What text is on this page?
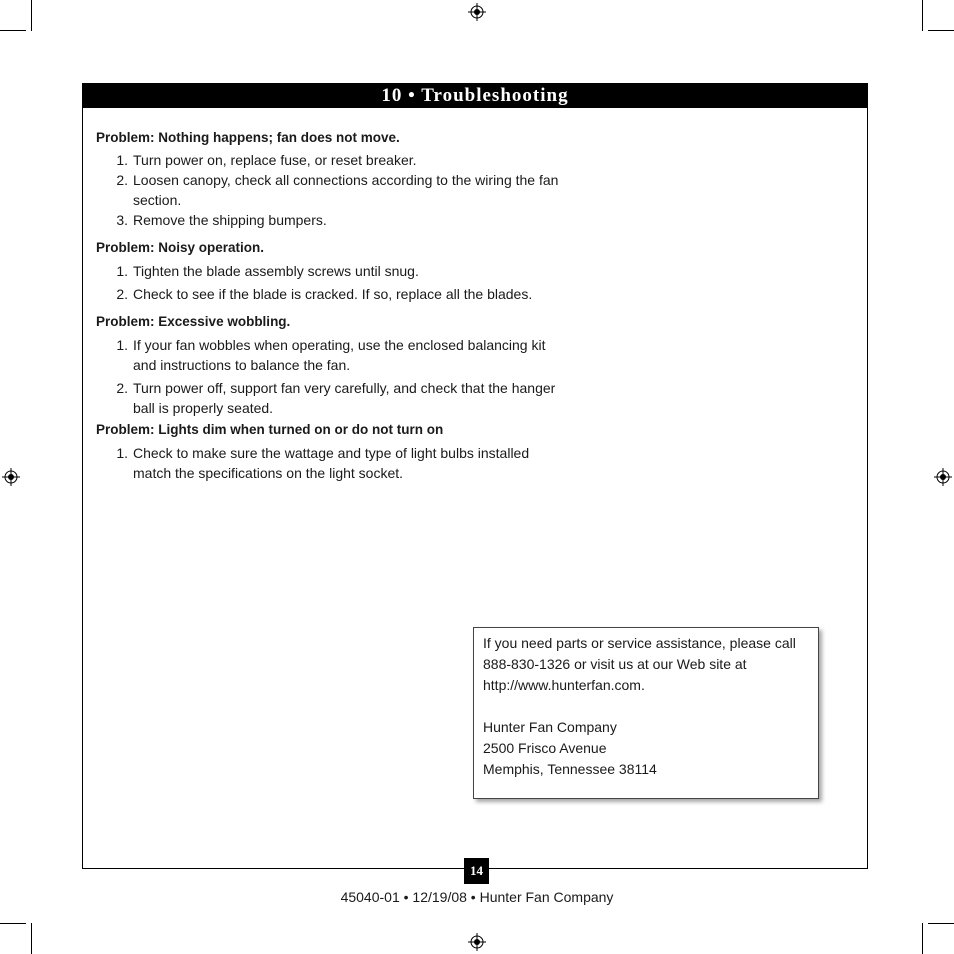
10 • Troubleshooting

Problem: Nothing happens; fan does not move.

1. Turn power on, replace fuse, or reset breaker.
2. Loosen canopy, check all connections according to the wiring the fan section.
3. Remove the shipping bumpers.

Problem: Noisy operation.

1. Tighten the blade assembly screws until snug.
2. Check to see if the blade is cracked. If so, replace all the blades.

Problem: Excessive wobbling.

1. If your fan wobbles when operating, use the enclosed balancing kit and instructions to balance the fan.
2. Turn power off, support fan very carefully, and check that the hanger ball is properly seated.

Problem: Lights dim when turned on or do not turn on

1. Check to make sure the wattage and type of light bulbs installed match the specifications on the light socket.

If you need parts or service assistance, please call

888-830-1326 or visit us at our Web site at

http://www.hunterfan.com.

Hunter Fan Company

2500 Frisco Avenue

Memphis, Tennessee 38114

14
45040-01 • 12/19/08 • Hunter Fan Company
